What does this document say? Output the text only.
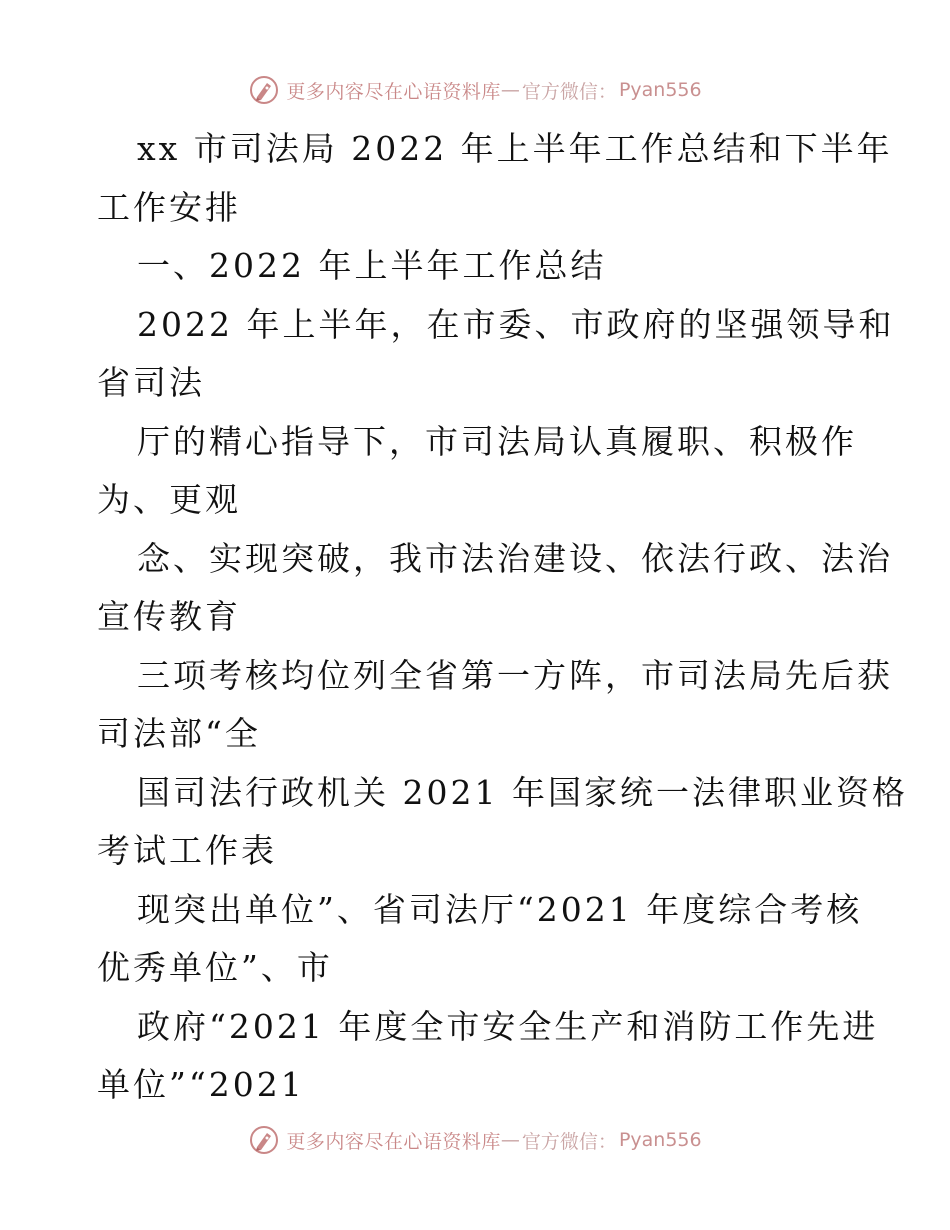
更多内容尽在心语资料库 — 官方微信： Pyan556
xx 市司法局 2022 年上半年工作总结和下半年
工作安排
一、2022 年上半年工作总结
2022 年上半年，在市委、市政府的坚强领导和
省司法
厅的精心指导下，市司法局认真履职、积极作
为、更观
念、实现突破，我市法治建设、依法行政、法治
宣传教育
三项考核均位列全省第一方阵，市司法局先后获
司法部“全
国司法行政机关 2021 年国家统一法律职业资格
考试工作表
现突出单位”、省司法厅“2021 年度综合考核
优秀单位”、市
政府“2021 年度全市安全生产和消防工作先进
单位”“2021
更多内容尽在心语资料库 — 官方微信： Pyan556
